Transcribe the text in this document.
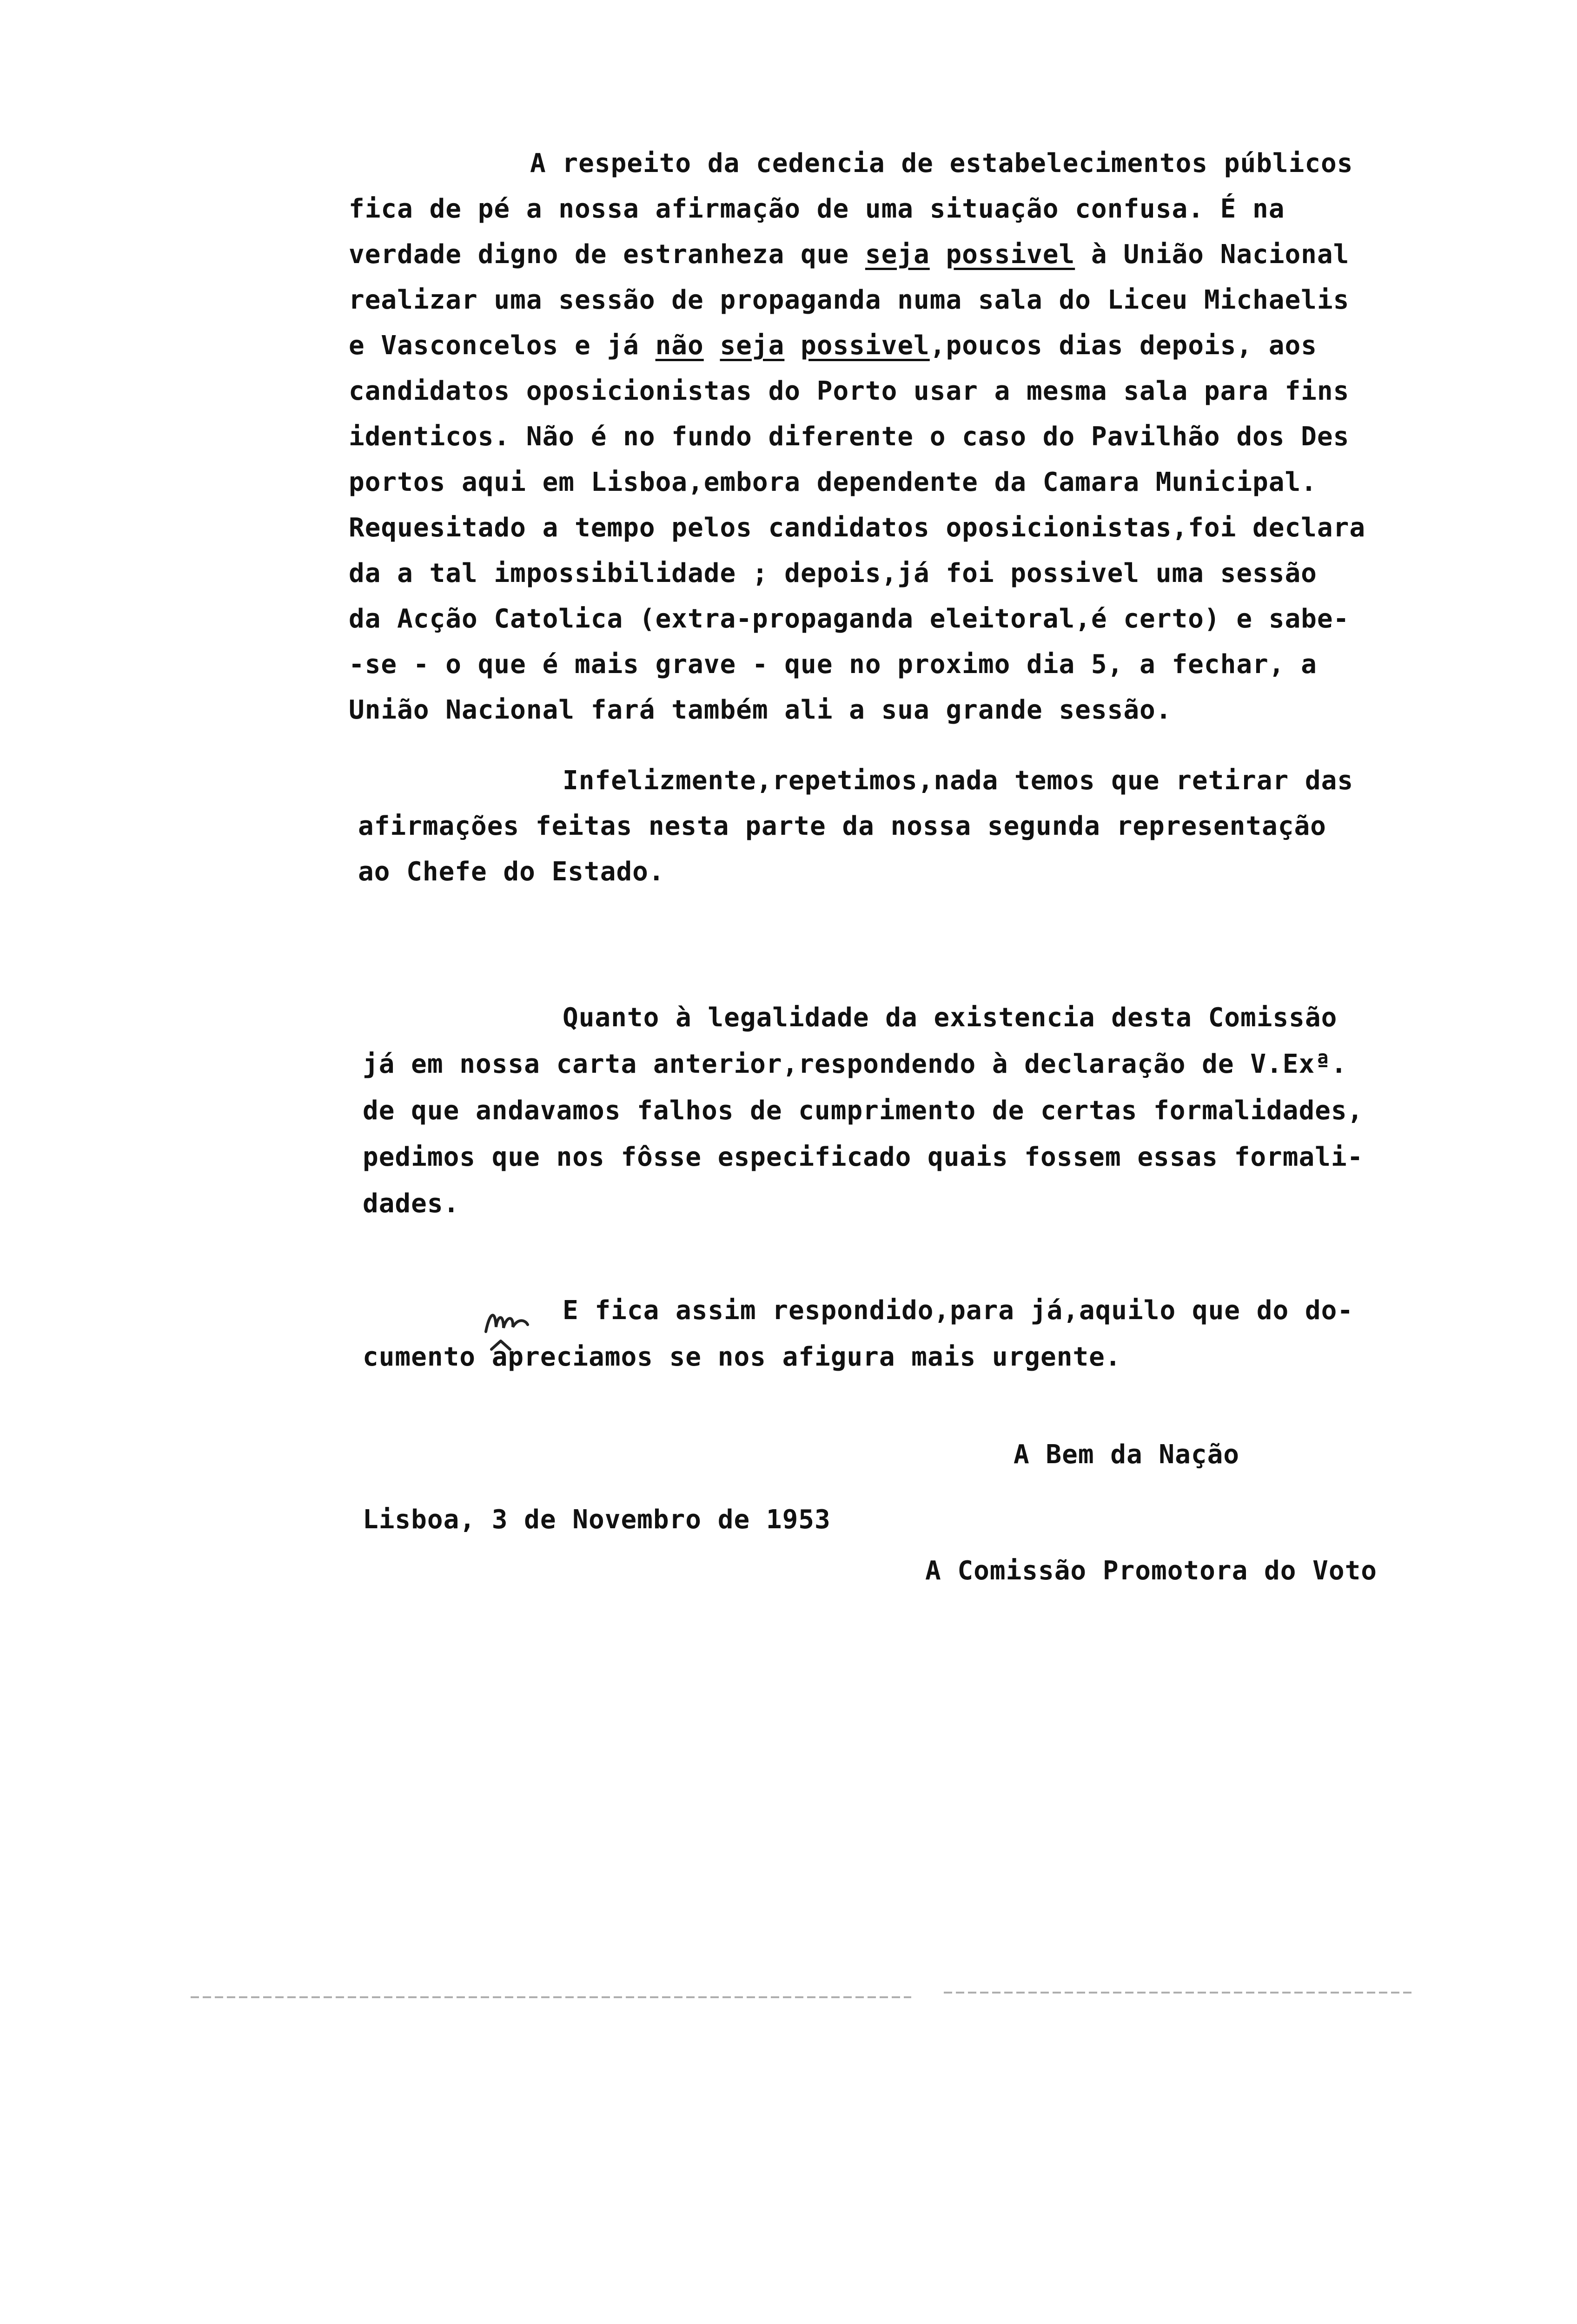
A respeito da cedencia de estabelecimentos públicos
fica de pé a nossa afirmação de uma situação confusa. É na
verdade digno de estranheza que seja possivel à União Nacional
realizar uma sessão de propaganda numa sala do Liceu Michaelis
e Vasconcelos e já não seja possivel,poucos dias depois, aos
candidatos oposicionistas do Porto usar a mesma sala para fins
identicos. Não é no fundo diferente o caso do Pavilhão dos Des
portos aqui em Lisboa,embora dependente da Camara Municipal.
Requesitado a tempo pelos candidatos oposicionistas,foi declara
da a tal impossibilidade ; depois,já foi possivel uma sessão
da Acção Catolica (extra-propaganda eleitoral,é certo) e sabe-
-se - o que é mais grave - que no proximo dia 5, a fechar, a
União Nacional fará também ali a sua grande sessão.
Infelizmente,repetimos,nada temos que retirar das
afirmações feitas nesta parte da nossa segunda representação
ao Chefe do Estado.
Quanto à legalidade da existencia desta Comissão
já em nossa carta anterior,respondendo à declaração de V.Exª.
de que andavamos falhos de cumprimento de certas formalidades,
pedimos que nos fôsse especificado quais fossem essas formali-
dades.
E fica assim respondido,para já,aquilo que do do-
cumento apreciamos se nos afigura mais urgente.
que
A Bem da Nação
Lisboa, 3 de Novembro de 1953
A Comissão Promotora do Voto
